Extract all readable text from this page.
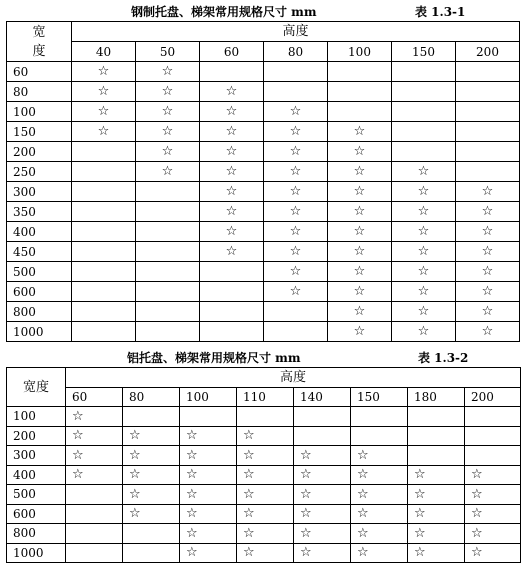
钢制托盘、梯架常用规格尺寸 mm	表 1.3-1
宽
度	高度						
	40	50	60	80	100	150	200
60	☆	☆					
80	☆	☆	☆				
100	☆	☆	☆	☆			
150	☆	☆	☆	☆	☆		
200		☆	☆	☆	☆		
250		☆	☆	☆	☆	☆	
300			☆	☆	☆	☆	☆
350			☆	☆	☆	☆	☆
400			☆	☆	☆	☆	☆
450			☆	☆	☆	☆	☆
500				☆	☆	☆	☆
600				☆	☆	☆	☆
800					☆	☆	☆
1000					☆	☆	☆
铝托盘、梯架常用规格尺寸 mm	表 1.3-2
宽度	高度							
	60	80	100	110	140	150	180	200
100	☆							
200	☆	☆	☆	☆				
300	☆	☆	☆	☆	☆	☆		
400	☆	☆	☆	☆	☆	☆	☆	☆
500		☆	☆	☆	☆	☆	☆	☆
600		☆	☆	☆	☆	☆	☆	☆
800			☆	☆	☆	☆	☆	☆
1000			☆	☆	☆	☆	☆	☆
